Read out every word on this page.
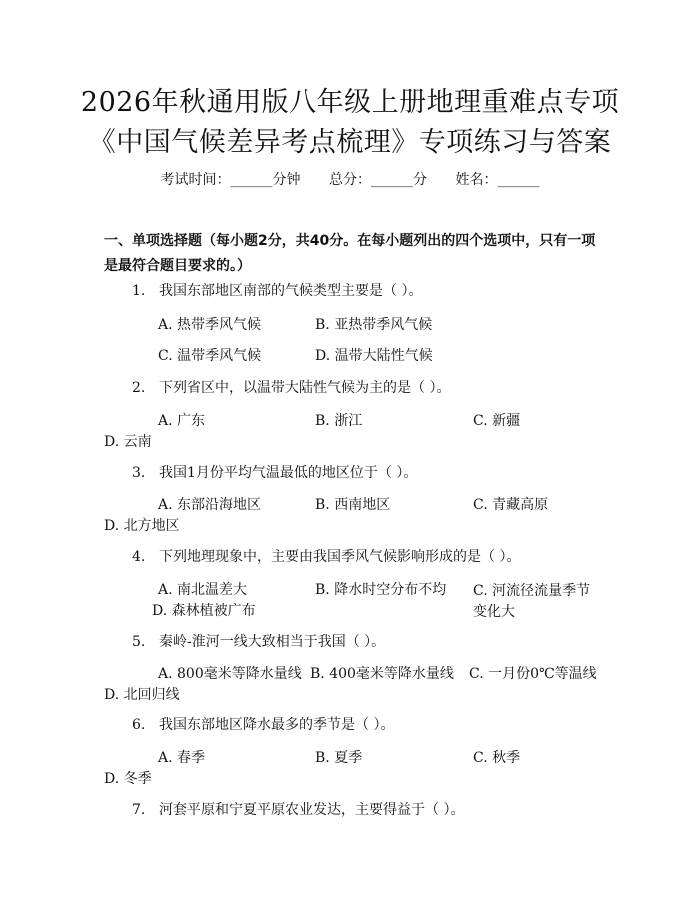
2026年秋通用版八年级上册地理重难点专项
《中国气候差异考点梳理》专项练习与答案
考试时间：______分钟 总分：______分 姓名：______
一、单项选择题（每小题2分，共40分。在每小题列出的四个选项中，只有一项是最符合题目要求的。）
1. 我国东部地区南部的气候类型主要是（ ）。
A. 热带季风气候	B. 亚热带季风气候
C. 温带季风气候	D. 温带大陆性气候
2. 下列省区中，以温带大陆性气候为主的是（ ）。
A. 广东	B. 浙江	C. 新疆
D. 云南
3. 我国1月份平均气温最低的地区位于（ ）。
A. 东部沿海地区	B. 西南地区	C. 青藏高原
D. 北方地区
4. 下列地理现象中，主要由我国季风气候影响形成的是（ ）。
A. 南北温差大	B. 降水时空分布不均 C. 河流径流量季节变化大
D. 森林植被广布
5. 秦岭-淮河一线大致相当于我国（ ）。
A. 800毫米等降水量线 B. 400毫米等降水量线 C. 一月份0℃等温线
D. 北回归线
6. 我国东部地区降水最多的季节是（ ）。
A. 春季	B. 夏季	C. 秋季
D. 冬季
7. 河套平原和宁夏平原农业发达，主要得益于（ ）。
